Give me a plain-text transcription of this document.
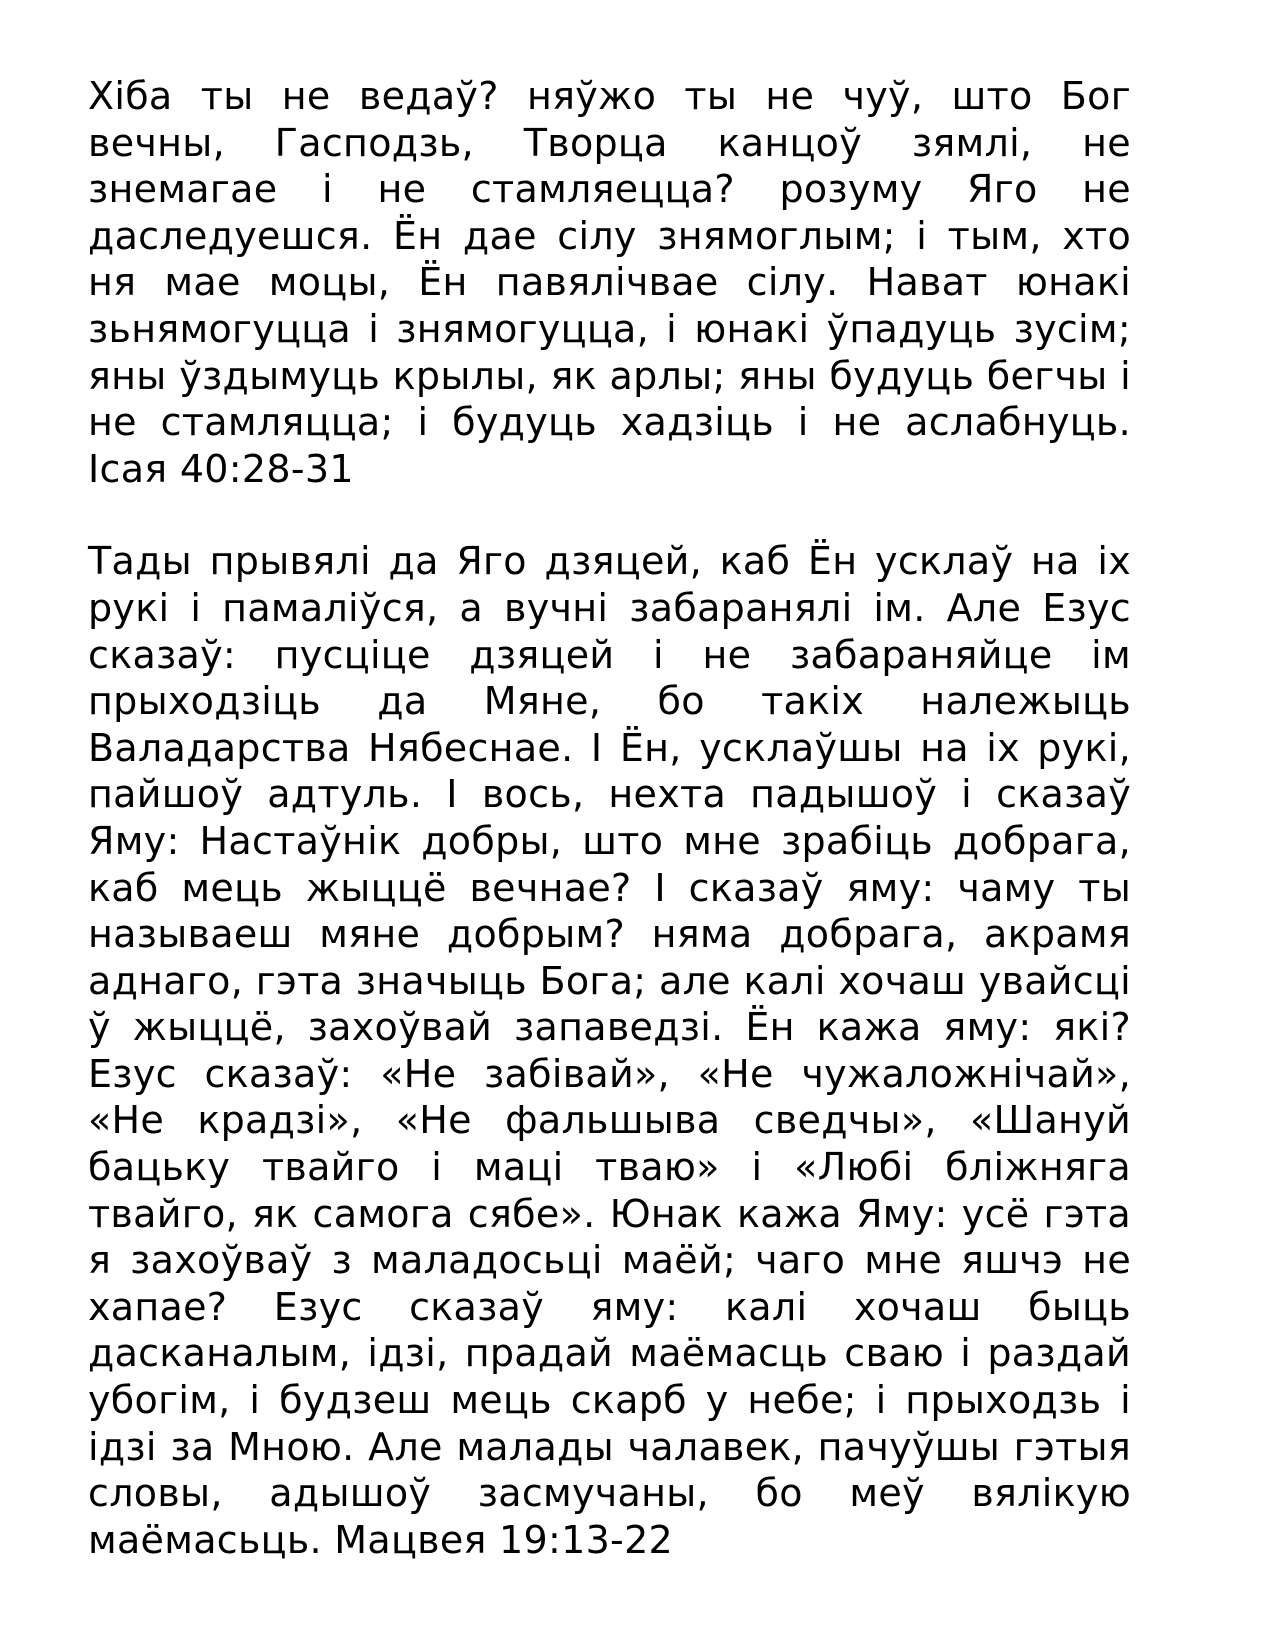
Хіба ты не ведаў? няўжо ты не чуў, што Бог вечны, Гасподзь, Творца канцоў зямлі, не знемагае і не стамляецца? розуму Яго не даследуешся. Ён дае сілу знямоглым; і тым, хто ня мае моцы, Ён павялічвае сілу. Нават юнакі зьнямогуцца і знямогуцца, і юнакі ўпадуць зусім; яны ўздымуць крылы, як арлы; яны будуць бегчы і не стамляцца; і будуць хадзіць і не аслабнуць. Ісая 40:28-31

Тады прывялі да Яго дзяцей, каб Ён усклаў на іх рукі і памаліўся, а вучні забаранялі ім. Але Езус сказаў: пусціце дзяцей і не забараняйце ім прыходзіць да Мяне, бо такіх належыць Валадарства Нябеснае. І Ён, усклаўшы на іх рукі, пайшоў адтуль. І вось, нехта падышоў і сказаў Яму: Настаўнік добры, што мне зрабіць добрага, каб мець жыццё вечнае? І сказаў яму: чаму ты называеш мяне добрым? няма добрага, акрамя аднаго, гэта значыць Бога; але калі хочаш увайсці ў жыццё, захоўвай запаведзі. Ён кажа яму: які? Езус сказаў: «Не забівай», «Не чужаложнічай», «Не крадзі», «Не фальшыва сведчы», «Шануй бацьку твайго і маці тваю» і «Любі бліжняга твайго, як самога сябе». Юнак кажа Яму: усё гэта я захоўваў з маладосьці маёй; чаго мне яшчэ не хапае? Езус сказаў яму: калі хочаш быць дасканалым, ідзі, прадай маёмасць сваю і раздай убогім, і будзеш мець скарб у небе; і прыходзь і ідзі за Мною. Але малады чалавек, пачуўшы гэтыя словы, адышоў засмучаны, бо меў вялікую маёмасьць. Мацвея 19:13-22
